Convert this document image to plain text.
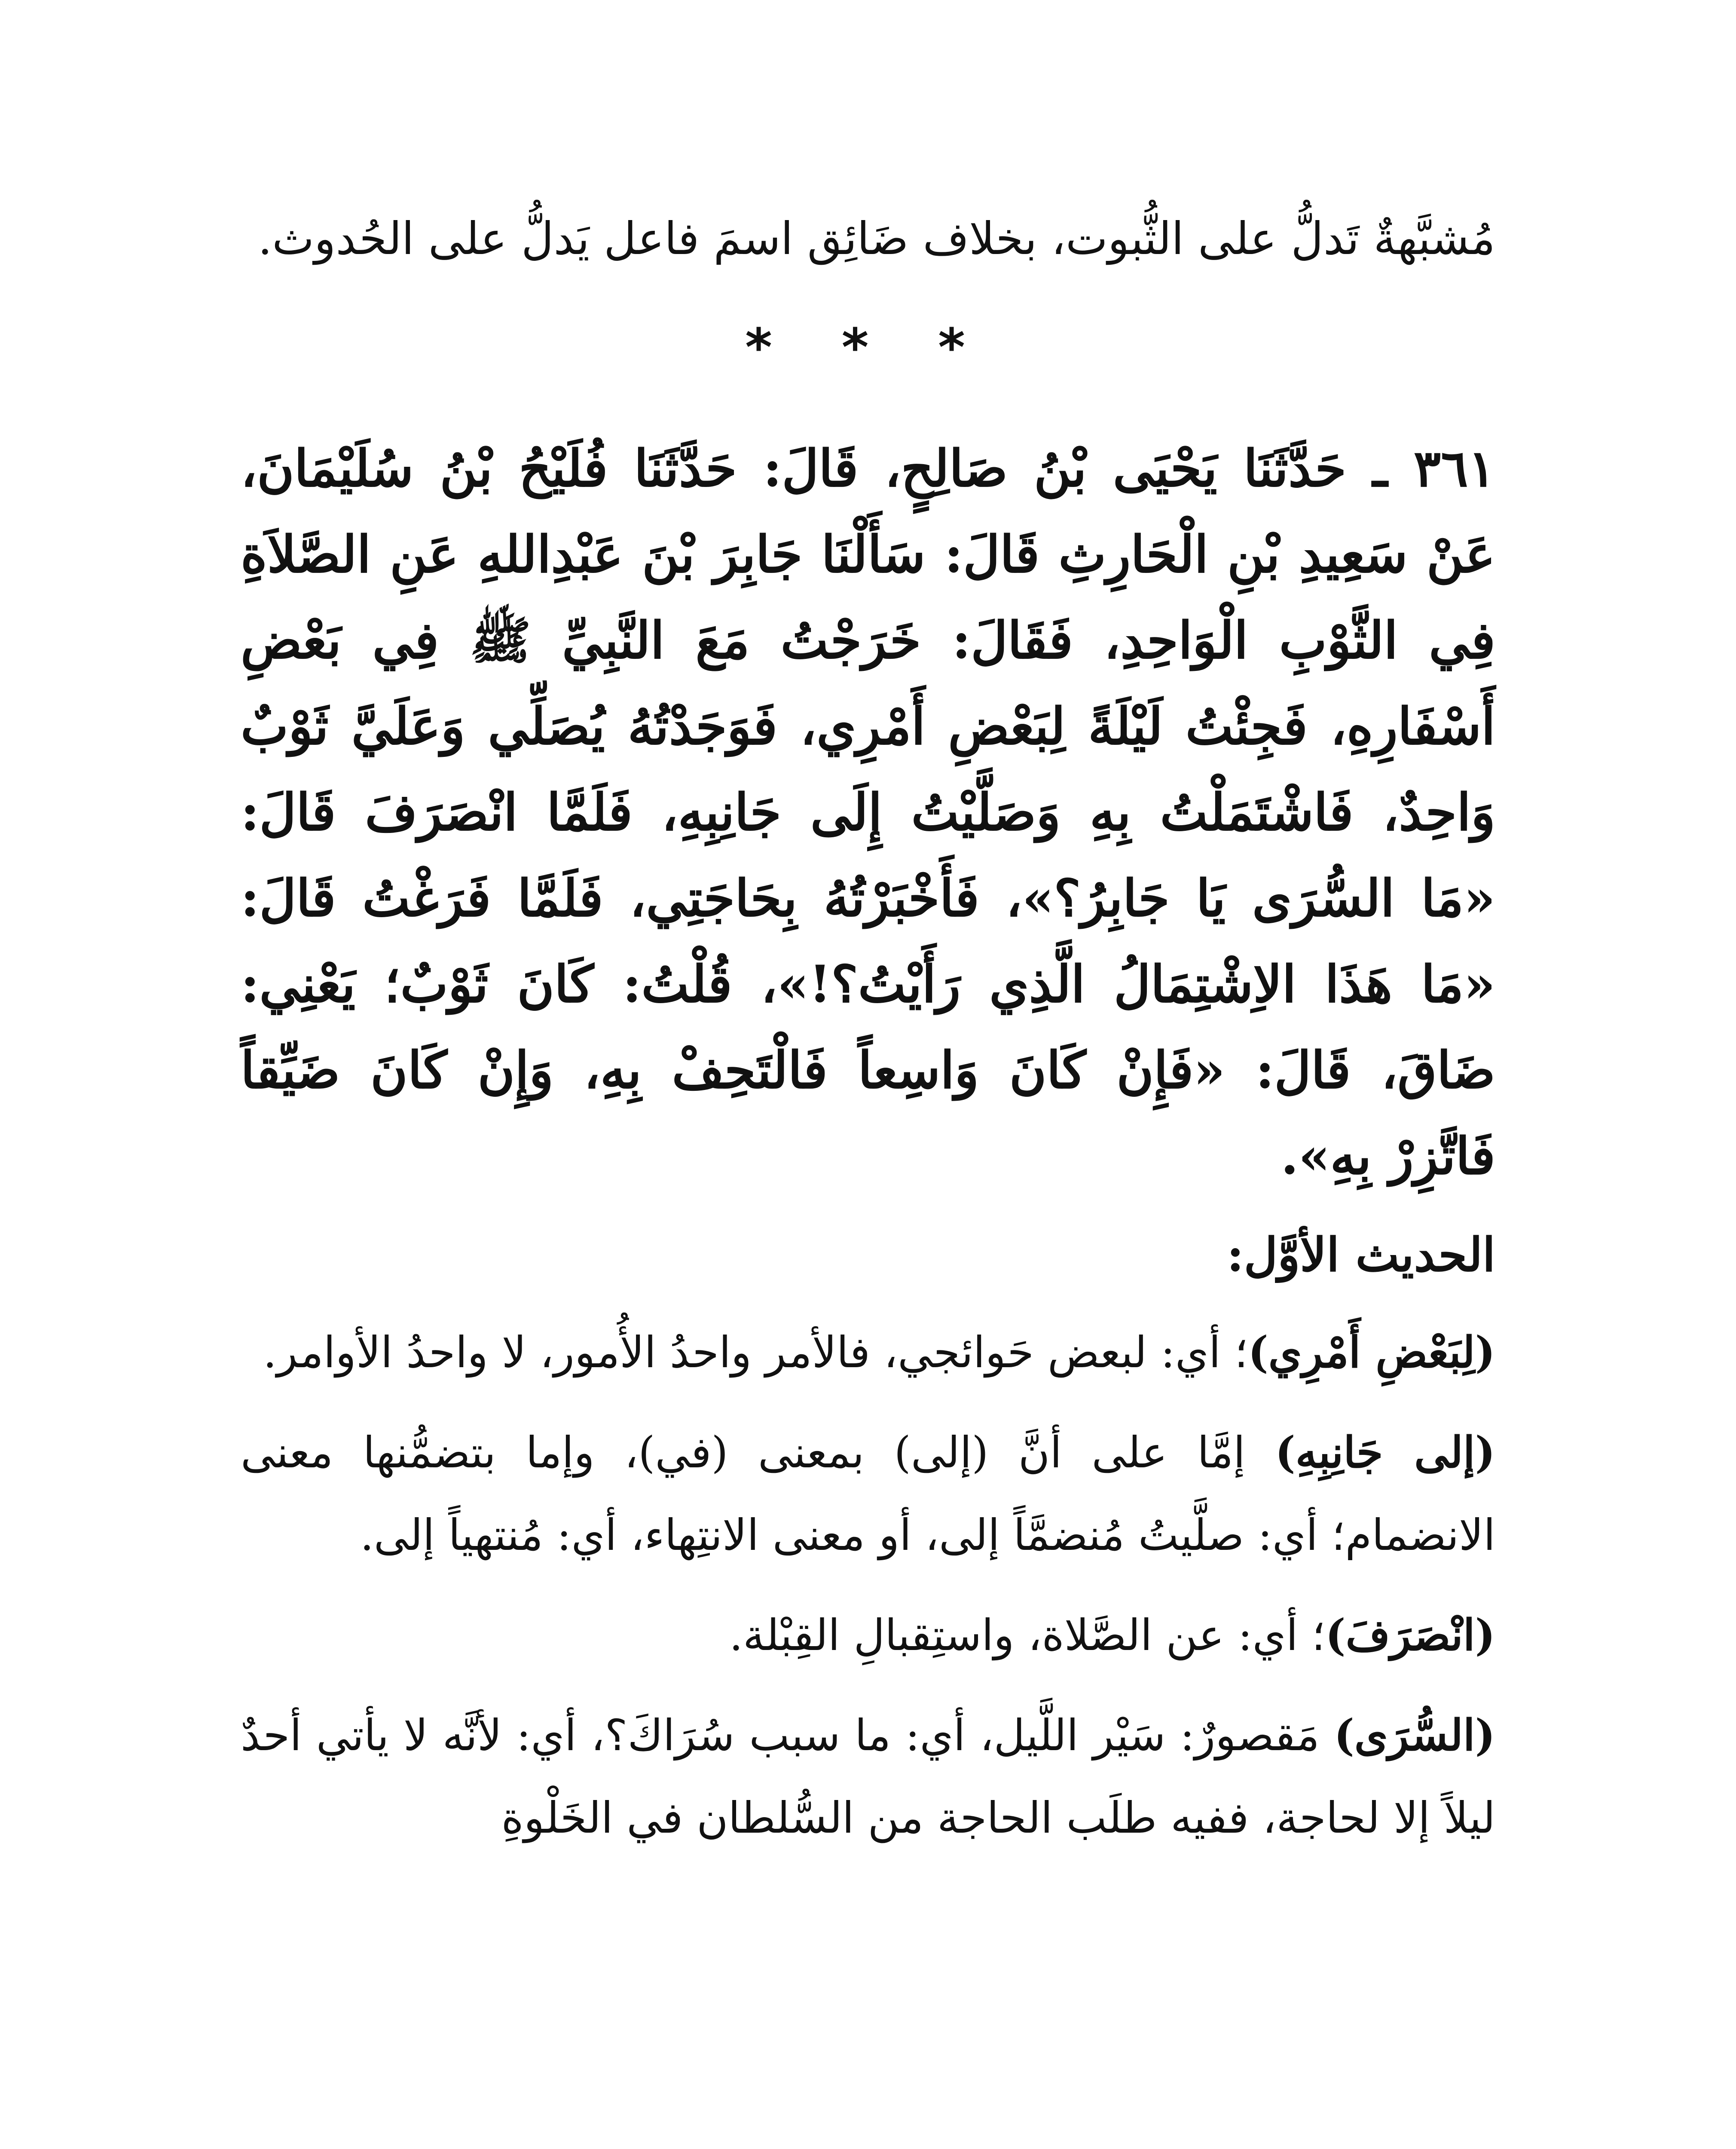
مُشبَّهةٌ تَدلُّ على الثُّبوت، بخلاف ضَائِق اسمَ فاعل يَدلُّ على الحُدوث.

* * *

٣٦١ ـ حَدَّثَنَا يَحْيَى بْنُ صَالِحٍ، قَالَ: حَدَّثَنَا فُلَيْحُ بْنُ سُلَيْمَانَ، عَنْ سَعِيدِ بْنِ الْحَارِثِ قَالَ: سَأَلْنَا جَابِرَ بْنَ عَبْدِاللهِ عَنِ الصَّلاَةِ فِي الثَّوْبِ الْوَاحِدِ، فَقَالَ: خَرَجْتُ مَعَ النَّبِيِّ ﷺ فِي بَعْضِ أَسْفَارِهِ، فَجِئْتُ لَيْلَةً لِبَعْضِ أَمْرِي، فَوَجَدْتُهُ يُصَلِّي وَعَلَيَّ ثَوْبٌ وَاحِدٌ، فَاشْتَمَلْتُ بِهِ وَصَلَّيْتُ إِلَى جَانِبِهِ، فَلَمَّا انْصَرَفَ قَالَ: «مَا السُّرَى يَا جَابِرُ؟»، فَأَخْبَرْتُهُ بِحَاجَتِي، فَلَمَّا فَرَغْتُ قَالَ: «مَا هَذَا الاِشْتِمَالُ الَّذِي رَأَيْتُ؟!»، قُلْتُ: كَانَ ثَوْبٌ؛ يَعْنِي: ضَاقَ، قَالَ: «فَإِنْ كَانَ وَاسِعاً فَالْتَحِفْ بِهِ، وَإِنْ كَانَ ضَيِّقاً فَاتَّزِرْ بِهِ».

الحديث الأوَّل:

(لِبَعْضِ أَمْرِي)؛ أي: لبعض حَوائجي، فالأمر واحدُ الأُمور، لا واحدُ الأوامر.

(إلى جَانِبِهِ) إمَّا على أنَّ (إلى) بمعنى (في)، وإما بتضمُّنها معنى الانضمام؛ أي: صلَّيتُ مُنضمَّاً إلى، أو معنى الانتِهاء، أي: مُنتهياً إلى.

(انْصَرَفَ)؛ أي: عن الصَّلاة، واستِقبالِ القِبْلة.

(السُّرَى) مَقصورٌ: سَيْر اللَّيل، أي: ما سبب سُرَاكَ؟، أي: لأنَّه لا يأتي أحدٌ ليلاً إلا لحاجة، ففيه طلَب الحاجة من السُّلطان في الخَلْوةِ
